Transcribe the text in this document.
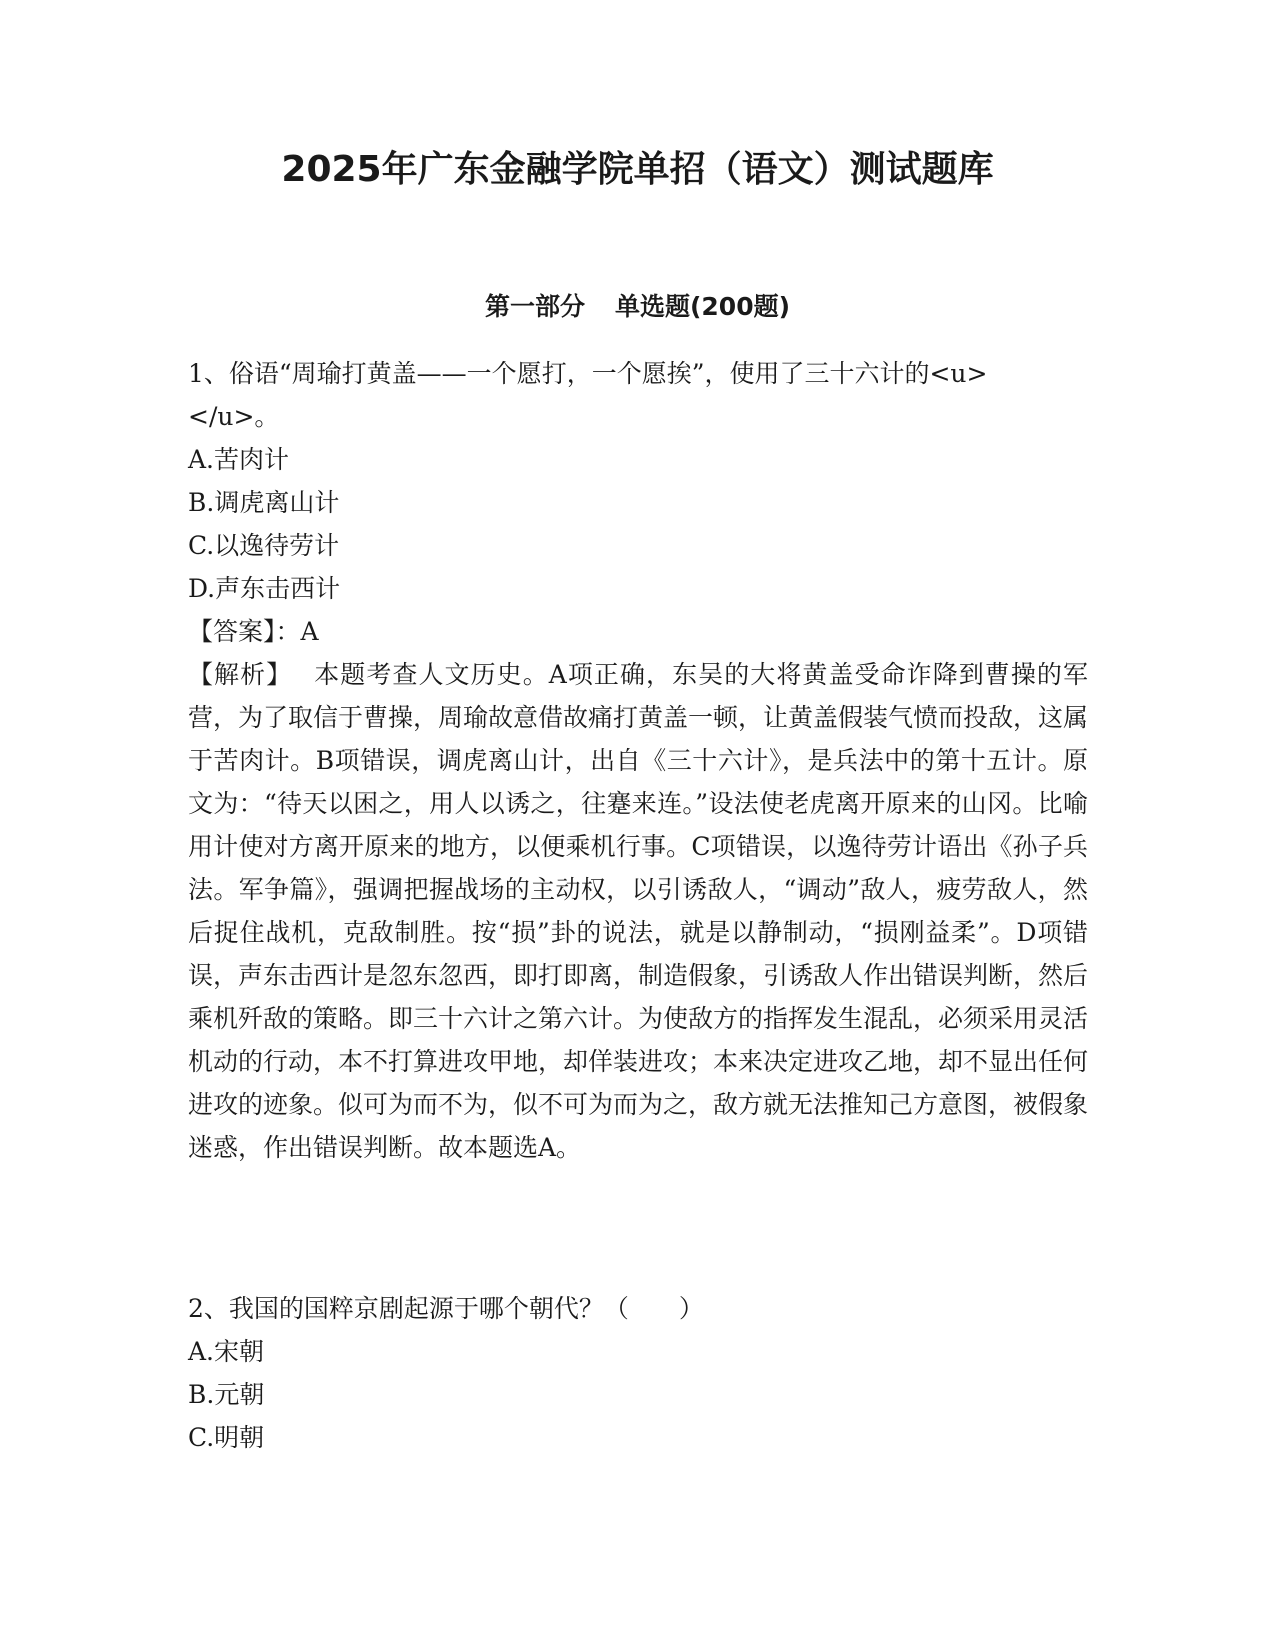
2025年广东金融学院单招（语文）测试题库
第一部分 单选题(200题)

1、俗语“周瑜打黄盖——一个愿打，一个愿挨”，使用了三十六计的<u></u>。

A.苦肉计

B.调虎离山计

C.以逸待劳计

D.声东击西计

【答案】：A

【解析】 本题考查人文历史。A项正确，东吴的大将黄盖受命诈降到曹操的军营，为了取信于曹操，周瑜故意借故痛打黄盖一顿，让黄盖假装气愤而投敌，这属于苦肉计。B项错误，调虎离山计，出自《三十六计》，是兵法中的第十五计。原文为：“待天以困之，用人以诱之，往蹇来连。”设法使老虎离开原来的山冈。比喻用计使对方离开原来的地方，以便乘机行事。C项错误，以逸待劳计语出《孙子兵法。军争篇》，强调把握战场的主动权，以引诱敌人，“调动”敌人，疲劳敌人，然后捉住战机，克敌制胜。按“损”卦的说法，就是以静制动，“损刚益柔”。D项错误，声东击西计是忽东忽西，即打即离，制造假象，引诱敌人作出错误判断，然后乘机歼敌的策略。即三十六计之第六计。为使敌方的指挥发生混乱，必须采用灵活机动的行动，本不打算进攻甲地，却佯装进攻；本来决定进攻乙地，却不显出任何进攻的迹象。似可为而不为，似不可为而为之，敌方就无法推知己方意图，被假象迷惑，作出错误判断。故本题选A。

2、我国的国粹京剧起源于哪个朝代？（　　）

A.宋朝

B.元朝

C.明朝
